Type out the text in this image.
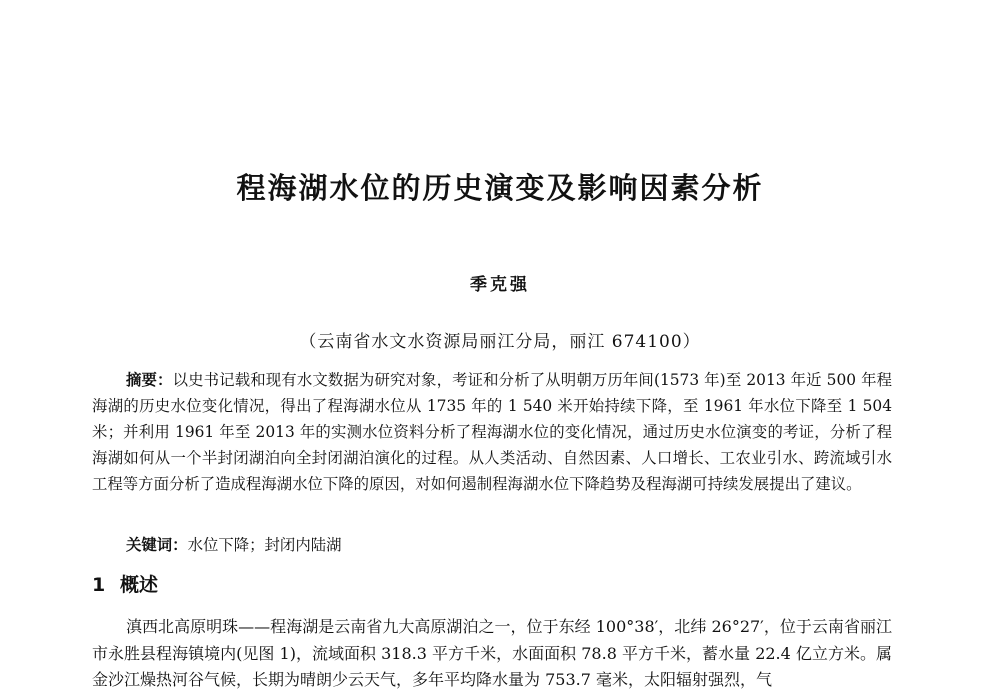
程海湖水位的历史演变及影响因素分析
季克强
（云南省水文水资源局丽江分局，丽江 674100）
摘要：以史书记载和现有水文数据为研究对象，考证和分析了从明朝万历年间(1573 年)至 2013 年近 500 年程海湖的历史水位变化情况，得出了程海湖水位从 1735 年的 1 540 米开始持续下降，至 1961 年水位下降至 1 504 米；并利用 1961 年至 2013 年的实测水位资料分析了程海湖水位的变化情况，通过历史水位演变的考证，分析了程海湖如何从一个半封闭湖泊向全封闭湖泊演化的过程。从人类活动、自然因素、人口增长、工农业引水、跨流域引水工程等方面分析了造成程海湖水位下降的原因，对如何遏制程海湖水位下降趋势及程海湖可持续发展提出了建议。
关键词：水位下降；封闭内陆湖
1 概述
滇西北高原明珠——程海湖是云南省九大高原湖泊之一，位于东经 100°38′，北纬 26°27′，位于云南省丽江市永胜县程海镇境内(见图 1)，流域面积 318.3 平方千米，水面面积 78.8 平方千米，蓄水量 22.4 亿立方米。属金沙江燥热河谷气候，长期为晴朗少云天气，多年平均降水量为 753.7 毫米，太阳辐射强烈，气
